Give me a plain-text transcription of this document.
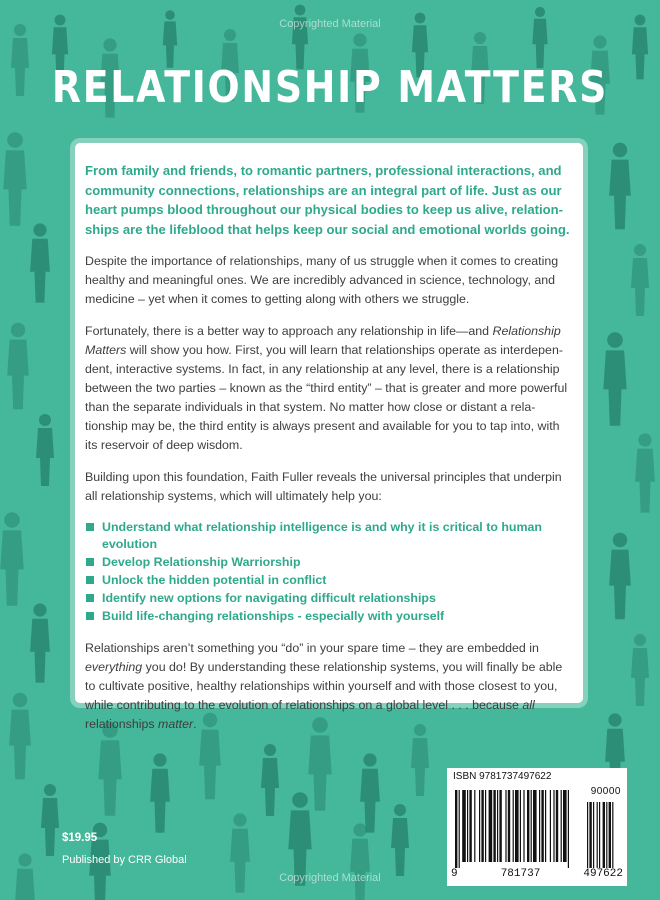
Copyrighted Material
RELATIONSHIP MATTERS

From family and friends, to romantic partners, professional interactions, and community connections, relationships are an integral part of life. Just as our heart pumps blood throughout our physical bodies to keep us alive, relationships are the lifeblood that helps keep our social and emotional worlds going.

Despite the importance of relationships, many of us struggle when it comes to creating healthy and meaningful ones. We are incredibly advanced in science, technology, and medicine – yet when it comes to getting along with others we struggle.

Fortunately, there is a better way to approach any relationship in life—and Relationship Matters will show you how. First, you will learn that relationships operate as interdependent, interactive systems. In fact, in any relationship at any level, there is a relationship between the two parties – known as the “third entity” – that is greater and more powerful than the separate individuals in that system. No matter how close or distant a relationship may be, the third entity is always present and available for you to tap into, with its reservoir of deep wisdom.

Building upon this foundation, Faith Fuller reveals the universal principles that underpin all relationship systems, which will ultimately help you:

Understand what relationship intelligence is and why it is critical to human evolution
Develop Relationship Warriorship
Unlock the hidden potential in conflict
Identify new options for navigating difficult relationships
Build life-changing relationships - especially with yourself

Relationships aren’t something you “do” in your spare time – they are embedded in everything you do! By understanding these relationship systems, you will finally be able to cultivate positive, healthy relationships within yourself and with those closest to you, while contributing to the evolution of relationships on a global level . . . because all relationships matter.

$19.95
Published by CRR Global
Copyrighted Material
ISBN 9781737497622
90000
9	781737	497622
